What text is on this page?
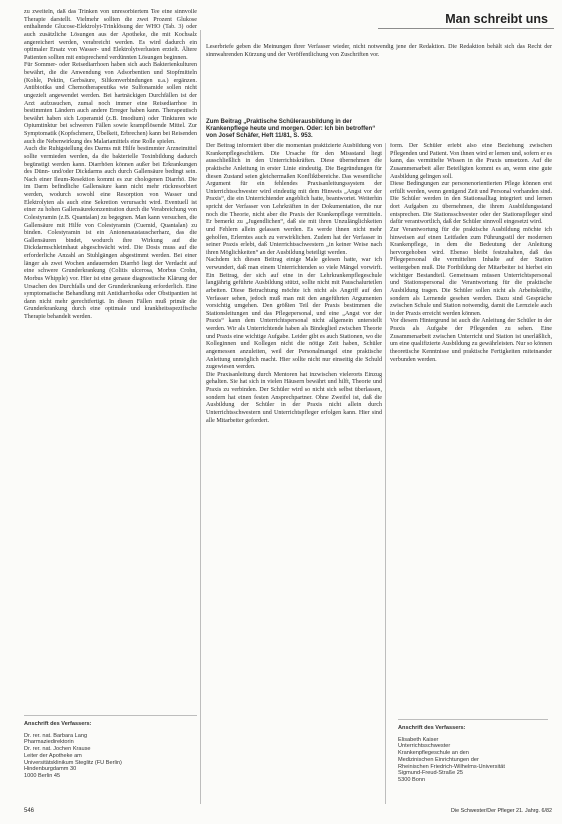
zu zweiteln, daß das Trinken von unresorbiertem Tee eine sinnvolle Therapie darstellt. Vielmehr sollten die zwei Prozent Glukose enthaltende Glucose-Elektrolyt-Trinklösung der WHO (Tab. 3) oder auch zusätzliche Lösungen aus der Apotheke, die mit Kochsalz angereichert werden, verabreicht werden. Es wird dadurch ein optimaler Ersatz von Wasser- und Elektrolytverlusten erzielt. Ältere Patienten sollten mit entsprechend verdünnten Lösungen beginnen.

Für Sommer- oder Reisediarrhoen haben sich auch Bakterienkulturen bewährt, die die Anwendung von Adsorbentien und Stopfmitteln (Kohle, Pektin, Gerbsäure, Silikonverbindungen u.a.) ergänzen. Antibiotika und Chemotherapeutika wie Sulfonamide sollen nicht ungezielt angewendet werden. Bei hartnäckigen Durchfällen ist der Arzt aufzusuchen, zumal noch immer eine Reisediarrhoe in bestimmten Ländern auch andere Erreger haben kann. Therapeutisch bewährt haben sich Loperamid (z.B. Imodium) oder Tinkturen wie Opiumtinktur bei schweren Fällen sowie krampflösende Mittel. Zur Symptomatik (Kopfschmerz, Übelkeit, Erbrechen) kann bei Reisenden auch die Nebenwirkung des Malariamittels eine Rolle spielen.

Auch die Ruhigstellung des Darms mit Hilfe bestimmter Arzneimittel sollte vermieden werden, da die bakterielle Toxinbildung dadurch begünstigt werden kann. Diarrhöen können außer bei Erkrankungen des Dünn- und/oder Dickdarms auch durch Gallensäure bedingt sein. Nach einer Ileum-Resektion kommt es zur chologenen Diarrhö. Die im Darm befindliche Gallensäure kann nicht mehr rückresorbiert werden, wodurch sowohl eine Resorption von Wasser und Elektrolyten als auch eine Sekretion verursacht wird. Eventuell ist einer zu hohen Gallensäurekonzentration durch die Verabreichung von Colestyramin (z.B. Quantalan) zu begegnen. Man kann versuchen, die Gallensäure mit Hilfe von Colestyramin (Cuemid, Quantalan) zu binden. Colestyramin ist ein Anionenaustauscherharz, das die Gallensäuren bindet, wodurch ihre Wirkung auf die Dickdarmschleimhaut abgeschwächt wird. Die Dosis muss auf die erforderliche Anzahl an Stuhlgängen abgestimmt werden. Bei einer länger als zwei Wochen andauernden Diarrhö liegt der Verdacht auf eine schwere Grunderkrankung (Colitis ulcerosa, Morbus Crohn, Morbus Whipple) vor. Hier ist eine genaue diagnostische Klärung der Ursachen des Durchfalls und der Grunderkrankung erforderlich. Eine symptomatische Behandlung mit Antidiarrhoika oder Obstipantien ist dann nicht mehr gerechtfertigt. In diesen Fällen muß primär die Grunderkrankung durch eine optimale und krankheitsspezifische Therapie behandelt werden.

Man schreibt uns
Leserbriefe geben die Meinungen ihrer Verfasser wieder, nicht notwendig jene der Redaktion. Die Redaktion behält sich das Recht der sinnwahrenden Kürzung und der Veröffentlichung von Zuschriften vor.
Zum Beitrag „Praktische Schülerausbildung in der Krankenpflege heute und morgen. Oder: Ich bin betroffen“ von Josef Schäfer, Heft 11/81, S. 953.

Der Beitrag informiert über die momentan praktizierte Ausbildung von Krankenpflegeschülern. Die Ursache für den Missstand liegt ausschließlich in den Unterrichtskräften. Diese übernehmen die praktische Anleitung in erster Linie eindeutig. Die Begründungen für diesen Zustand seien gleichermaßen Konfliktbereiche. Das wesentliche Argument für ein fehlendes Praxisanleitungssystem der Unterrichtsschwester wird eindeutig mit dem Hinweis „Angst vor der Praxis“, die ein Unterrichtender angeblich hatte, beantwortet. Weiterhin spricht der Verfasser von Lehrkräften in der Dokumentation, die nur noch die Theorie, nicht aber die Praxis der Krankenpflege vermitteln. Er bemerkt zu „Jugendlichen“, daß sie mit ihren Unzulänglichkeiten und Fehlern allein gelassen werden. Es werde ihnen nicht mehr geholfen, Erlerntes auch zu verwirklichen. Zudem hat der Verfasser in seiner Praxis erlebt, daß Unterrichtsschwestern „in keiner Weise nach ihren Möglichkeiten“ an der Ausbildung beteiligt werden.

Nachdem ich diesen Beitrag einige Male gelesen hatte, war ich verwundert, daß man einem Unterrichtenden so viele Mängel vorwirft. Ein Beitrag, der sich auf eine in der Lehrkrankenpflegeschule langjährig geführte Ausbildung stützt, sollte nicht mit Pauschalurteilen arbeiten. Diese Betrachtung möchte ich nicht als Angriff auf den Verfasser sehen, jedoch muß man mit den angeführten Argumenten vorsichtig umgehen. Den größten Teil der Praxis bestimmen die Stationsleitungen und das Pflegepersonal, und eine „Angst vor der Praxis“ kann dem Unterrichtspersonal nicht allgemein unterstellt werden. Wir als Unterrichtende haben als Bindeglied zwischen Theorie und Praxis eine wichtige Aufgabe. Leider gibt es auch Stationen, wo die Kolleginnen und Kollegen nicht die nötige Zeit haben, Schüler angemessen anzuleiten, weil der Personalmangel eine praktische Anleitung unmöglich macht. Hier sollte nicht nur einseitig die Schuld zugewiesen werden.

Die Praxisanleitung durch Mentoren hat inzwischen vielerorts Einzug gehalten. Sie hat sich in vielen Häusern bewährt und hilft, Theorie und Praxis zu verbinden. Der Schüler wird so nicht sich selbst überlassen, sondern hat einen festen Ansprechpartner. Ohne Zweifel ist, daß die Ausbildung der Schüler in der Praxis nicht allein durch Unterrichtsschwestern und Unterrichtspfleger erfolgen kann. Hier sind alle Mitarbeiter gefordert.

form. Der Schüler erlebt also eine Beziehung zwischen Pflegenden und Patient. Von ihnen wird er lernen und, sofern er es kann, das vermittelte Wissen in die Praxis umsetzen. Auf die Zusammenarbeit aller Beteiligten kommt es an, wenn eine gute Ausbildung gelingen soll.

Diese Bedingungen zur personenorientierten Pflege können erst erfüllt werden, wenn genügend Zeit und Personal vorhanden sind. Die Schüler werden in den Stationsalltag integriert und lernen dort Aufgaben zu übernehmen, die ihrem Ausbildungsstand entsprechen. Die Stationsschwester oder der Stationspfleger sind dafür verantwortlich, daß der Schüler sinnvoll eingesetzt wird.

Zur Verantwortung für die praktische Ausbildung möchte ich hinweisen auf einen Leitfaden zum Führungsstil der modernen Krankenpflege, in dem die Bedeutung der Anleitung hervorgehoben wird. Ebenso bleibt festzuhalten, daß das Pflegepersonal die vermittelten Inhalte auf der Station weitergeben muß. Die Fortbildung der Mitarbeiter ist hierbei ein wichtiger Bestandteil. Gemeinsam müssen Unterrichtspersonal und Stationspersonal die Verantwortung für die praktische Ausbildung tragen. Die Schüler sollen nicht als Arbeitskräfte, sondern als Lernende gesehen werden. Dazu sind Gespräche zwischen Schule und Station notwendig, damit die Lernziele auch in der Praxis erreicht werden können.

Vor diesem Hintergrund ist auch die Anleitung der Schüler in der Praxis als Aufgabe der Pflegenden zu sehen. Eine Zusammenarbeit zwischen Unterricht und Station ist unerläßlich, um eine qualifizierte Ausbildung zu gewährleisten. Nur so können theoretische Kenntnisse und praktische Fertigkeiten miteinander verbunden werden.

Anschrift des Verfassers:
Dr. rer. nat. Barbara Lang
Pharmaziedirektorin
Dr. rer. nat. Jochen Krause
Leiter der Apotheke am
Universitätsklinikum Steglitz (FU Berlin)
Hindenburgdamm 30
1000 Berlin 45
Anschrift des Verfassers:
Elisabeth Kaiser
Unterrichtsschwester
Krankenpflegeschule an den
Medizinischen Einrichtungen der
Rheinischen Friedrich-Wilhelms-Universität
Sigmund-Freud-Straße 25
5300 Bonn
546	Die Schwester/Der Pfleger 21. Jahrg. 6/82
